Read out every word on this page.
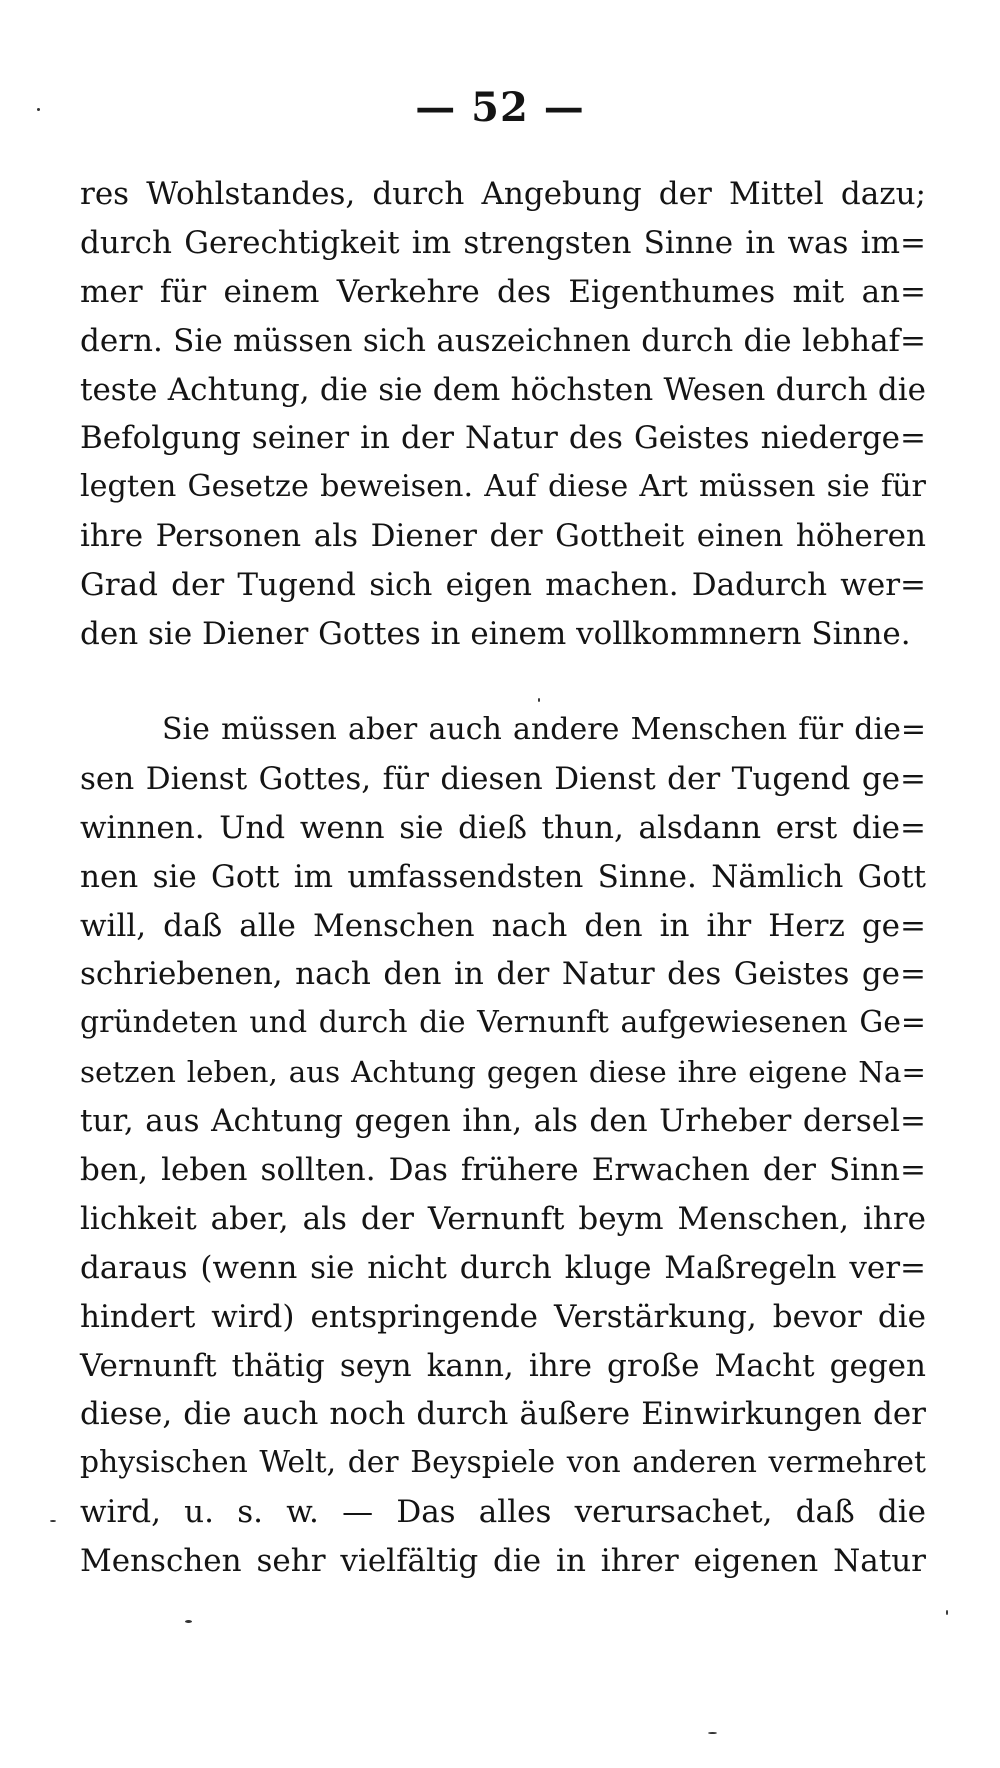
— 52 —
res Wohlstandes, durch Angebung der Mittel dazu;
durch Gerechtigkeit im strengsten Sinne in was im=
mer für einem Verkehre des Eigenthumes mit an=
dern. Sie müssen sich auszeichnen durch die lebhaf=
teste Achtung, die sie dem höchsten Wesen durch die
Befolgung seiner in der Natur des Geistes niederge=
legten Gesetze beweisen. Auf diese Art müssen sie für
ihre Personen als Diener der Gottheit einen höheren
Grad der Tugend sich eigen machen. Dadurch wer=
den sie Diener Gottes in einem vollkommnern Sinne.
Sie müssen aber auch andere Menschen für die=
sen Dienst Gottes, für diesen Dienst der Tugend ge=
winnen. Und wenn sie dieß thun, alsdann erst die=
nen sie Gott im umfassendsten Sinne. Nämlich Gott
will, daß alle Menschen nach den in ihr Herz ge=
schriebenen, nach den in der Natur des Geistes ge=
gründeten und durch die Vernunft aufgewiesenen Ge=
setzen leben, aus Achtung gegen diese ihre eigene Na=
tur, aus Achtung gegen ihn, als den Urheber dersel=
ben, leben sollten. Das frühere Erwachen der Sinn=
lichkeit aber, als der Vernunft beym Menschen, ihre
daraus (wenn sie nicht durch kluge Maßregeln ver=
hindert wird) entspringende Verstärkung, bevor die
Vernunft thätig seyn kann, ihre große Macht gegen
diese, die auch noch durch äußere Einwirkungen der
physischen Welt, der Beyspiele von anderen vermehret
wird, u. s. w. — Das alles verursachet, daß die
Menschen sehr vielfältig die in ihrer eigenen Natur
